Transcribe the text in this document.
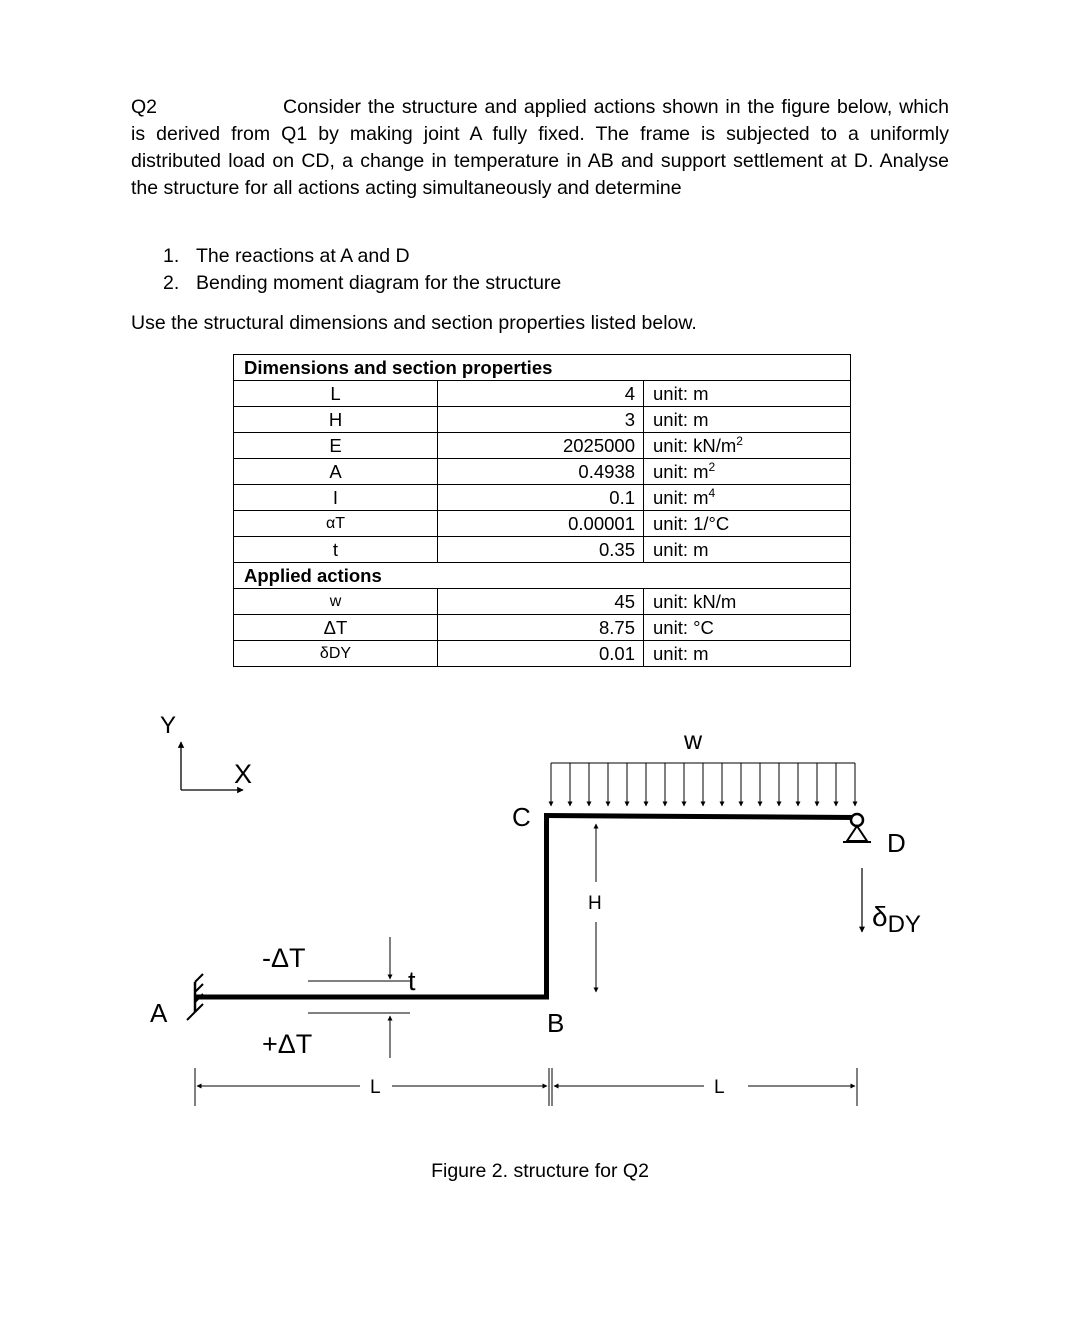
Q2	Consider the structure and applied actions shown in the figure below, which is derived from Q1 by making joint A fully fixed. The frame is subjected to a uniformly distributed load on CD, a change in temperature in AB and support settlement at D. Analyse the structure for all actions acting simultaneously and determine

1. The reactions at A and D
2. Bending moment diagram for the structure

Use the structural dimensions and section properties listed below.

Dimensions and section properties		
L	4	unit: m
H	3	unit: m
E	2025000	unit: $kN/m^2$
A	0.4938	unit: $m^2$
I	0.1	unit: $m^4$
αT	0.00001	unit: 1/°C
t	0.35	unit: m
Applied actions		
w	45	unit: kN/m
ΔT	8.75	unit: °C
δDY	0.01	unit: m
Y
X
A
D
C
B
w
δDY
H
t
-ΔT
+ΔT
L	L
Figure 2. structure for Q2
